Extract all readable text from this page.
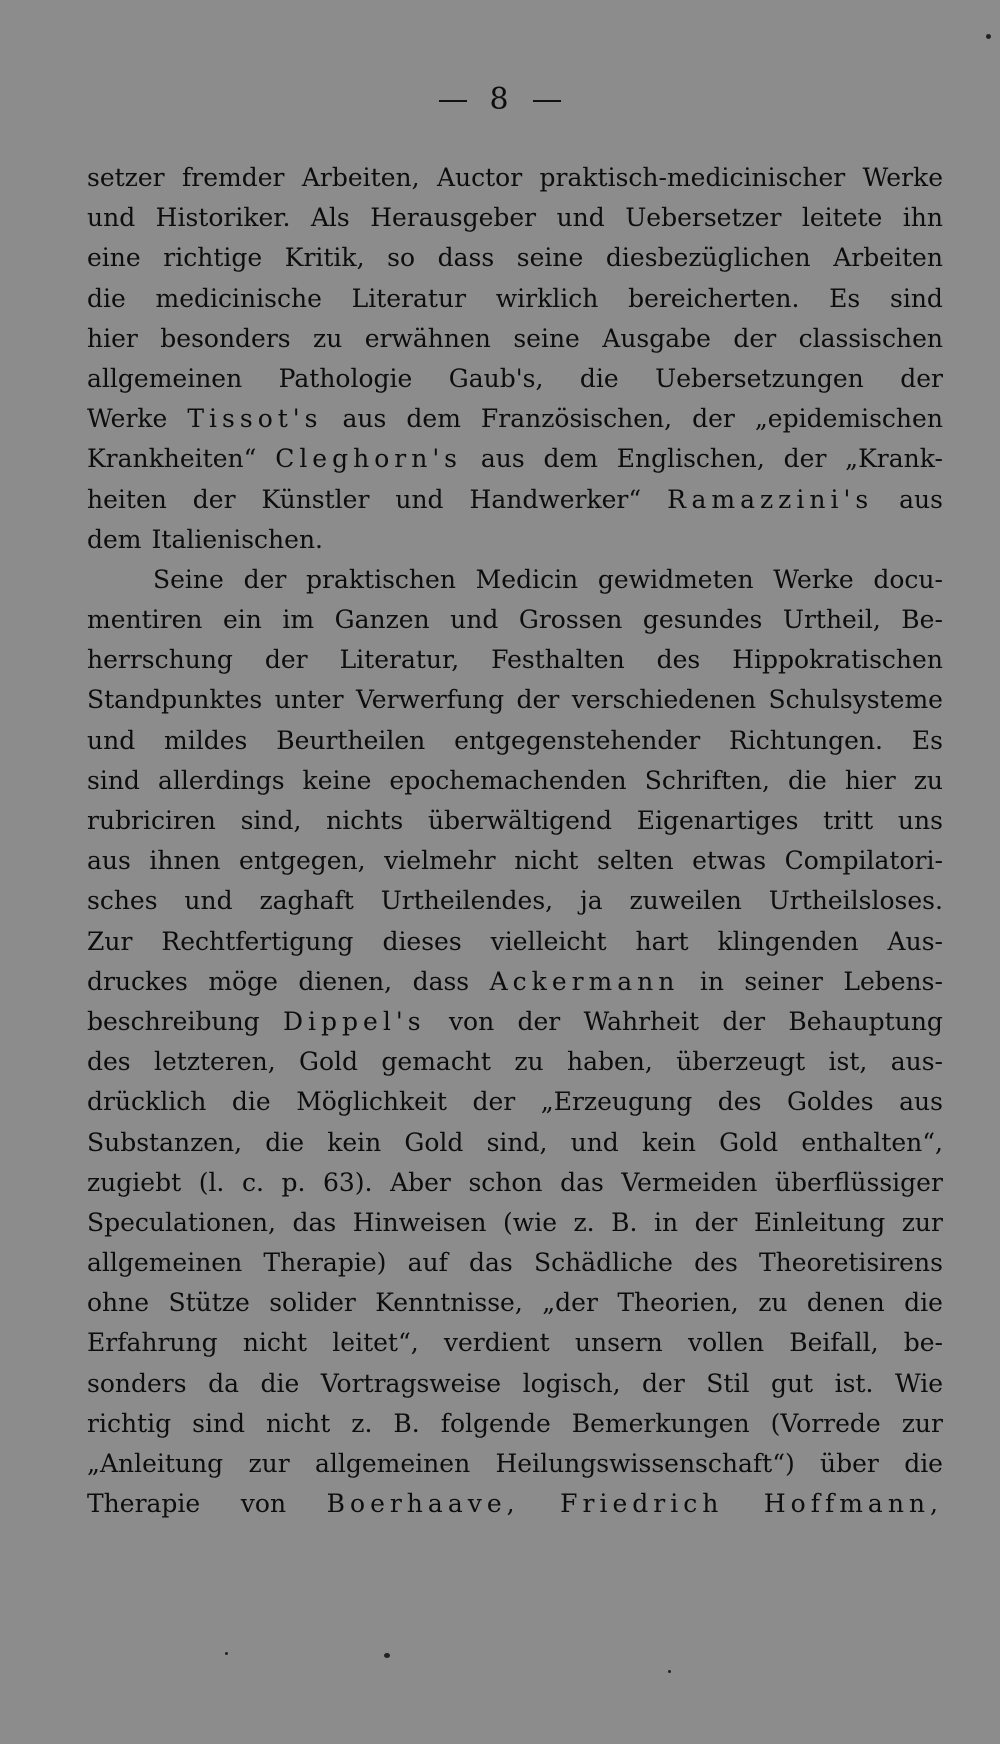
8
setzer fremder Arbeiten, Auctor praktisch-medicinischer Werke
und Historiker. Als Herausgeber und Uebersetzer leitete ihn
eine richtige Kritik, so dass seine diesbezüglichen Arbeiten
die medicinische Literatur wirklich bereicherten. Es sind
hier besonders zu erwähnen seine Ausgabe der classischen
allgemeinen Pathologie Gaub's, die Uebersetzungen der
Werke Tissot's aus dem Französischen, der „epidemischen
Krankheiten“ Cleghorn's aus dem Englischen, der „Krank-
heiten der Künstler und Handwerker“ Ramazzini's aus
dem Italienischen.
Seine der praktischen Medicin gewidmeten Werke docu-
mentiren ein im Ganzen und Grossen gesundes Urtheil, Be-
herrschung der Literatur, Festhalten des Hippokratischen
Standpunktes unter Verwerfung der verschiedenen Schulsysteme
und mildes Beurtheilen entgegenstehender Richtungen. Es
sind allerdings keine epochemachenden Schriften, die hier zu
rubriciren sind, nichts überwältigend Eigenartiges tritt uns
aus ihnen entgegen, vielmehr nicht selten etwas Compilatori-
sches und zaghaft Urtheilendes, ja zuweilen Urtheilsloses.
Zur Rechtfertigung dieses vielleicht hart klingenden Aus-
druckes möge dienen, dass Ackermann in seiner Lebens-
beschreibung Dippel's von der Wahrheit der Behauptung
des letzteren, Gold gemacht zu haben, überzeugt ist, aus-
drücklich die Möglichkeit der „Erzeugung des Goldes aus
Substanzen, die kein Gold sind, und kein Gold enthalten“,
zugiebt (l. c. p. 63). Aber schon das Vermeiden überflüssiger
Speculationen, das Hinweisen (wie z. B. in der Einleitung zur
allgemeinen Therapie) auf das Schädliche des Theoretisirens
ohne Stütze solider Kenntnisse, „der Theorien, zu denen die
Erfahrung nicht leitet“, verdient unsern vollen Beifall, be-
sonders da die Vortragsweise logisch, der Stil gut ist. Wie
richtig sind nicht z. B. folgende Bemerkungen (Vorrede zur
„Anleitung zur allgemeinen Heilungswissenschaft“) über die
Therapie von Boerhaave, Friedrich Hoffmann,
